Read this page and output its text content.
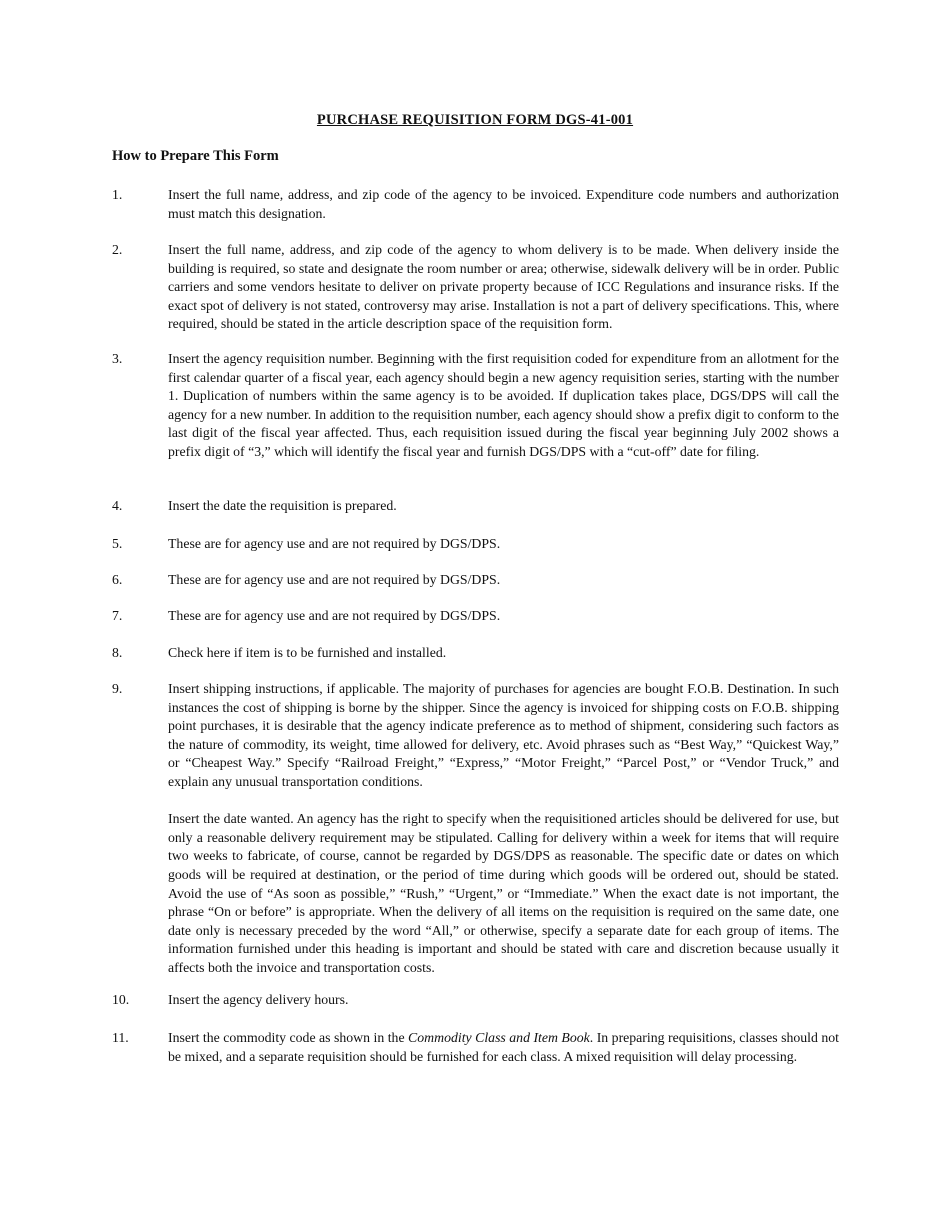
PURCHASE REQUISITION FORM DGS-41-001
How to Prepare This Form
1.	Insert the full name, address, and zip code of the agency to be invoiced. Expenditure code numbers and authorization must match this designation.

2.	Insert the full name, address, and zip code of the agency to whom delivery is to be made. When delivery inside the building is required, so state and designate the room number or area; otherwise, sidewalk delivery will be in order. Public carriers and some vendors hesitate to deliver on private property because of ICC Regulations and insurance risks. If the exact spot of delivery is not stated, controversy may arise. Installation is not a part of delivery specifications. This, where required, should be stated in the article description space of the requisition form.

3.	Insert the agency requisition number. Beginning with the first requisition coded for expenditure from an allotment for the first calendar quarter of a fiscal year, each agency should begin a new agency requisition series, starting with the number 1. Duplication of numbers within the same agency is to be avoided. If duplication takes place, DGS/DPS will call the agency for a new number. In addition to the requisition number, each agency should show a prefix digit to conform to the last digit of the fiscal year affected. Thus, each requisition issued during the fiscal year beginning July 2002 shows a prefix digit of “3,” which will identify the fiscal year and furnish DGS/DPS with a “cut-off” date for filing.

4.	Insert the date the requisition is prepared.

5.	These are for agency use and are not required by DGS/DPS.

6.	These are for agency use and are not required by DGS/DPS.

7.	These are for agency use and are not required by DGS/DPS.

8.	Check here if item is to be furnished and installed.

9.	Insert shipping instructions, if applicable. The majority of purchases for agencies are bought F.O.B. Destination. In such instances the cost of shipping is borne by the shipper. Since the agency is invoiced for shipping costs on F.O.B. shipping point purchases, it is desirable that the agency indicate preference as to method of shipment, considering such factors as the nature of commodity, its weight, time allowed for delivery, etc. Avoid phrases such as “Best Way,” “Quickest Way,” or “Cheapest Way.” Specify “Railroad Freight,” “Express,” “Motor Freight,” “Parcel Post,” or “Vendor Truck,” and explain any unusual transportation conditions.

Insert the date wanted. An agency has the right to specify when the requisitioned articles should be delivered for use, but only a reasonable delivery requirement may be stipulated. Calling for delivery within a week for items that will require two weeks to fabricate, of course, cannot be regarded by DGS/DPS as reasonable. The specific date or dates on which goods will be required at destination, or the period of time during which goods will be ordered out, should be stated. Avoid the use of “As soon as possible,” “Rush,” “Urgent,” or “Immediate.” When the exact date is not important, the phrase “On or before” is appropriate. When the delivery of all items on the requisition is required on the same date, one date only is necessary preceded by the word “All,” or otherwise, specify a separate date for each group of items. The information furnished under this heading is important and should be stated with care and discretion because usually it affects both the invoice and transportation costs.

10.	Insert the agency delivery hours.

11.	Insert the commodity code as shown in the Commodity Class and Item Book. In preparing requisitions, classes should not be mixed, and a separate requisition should be furnished for each class. A mixed requisition will delay processing.
